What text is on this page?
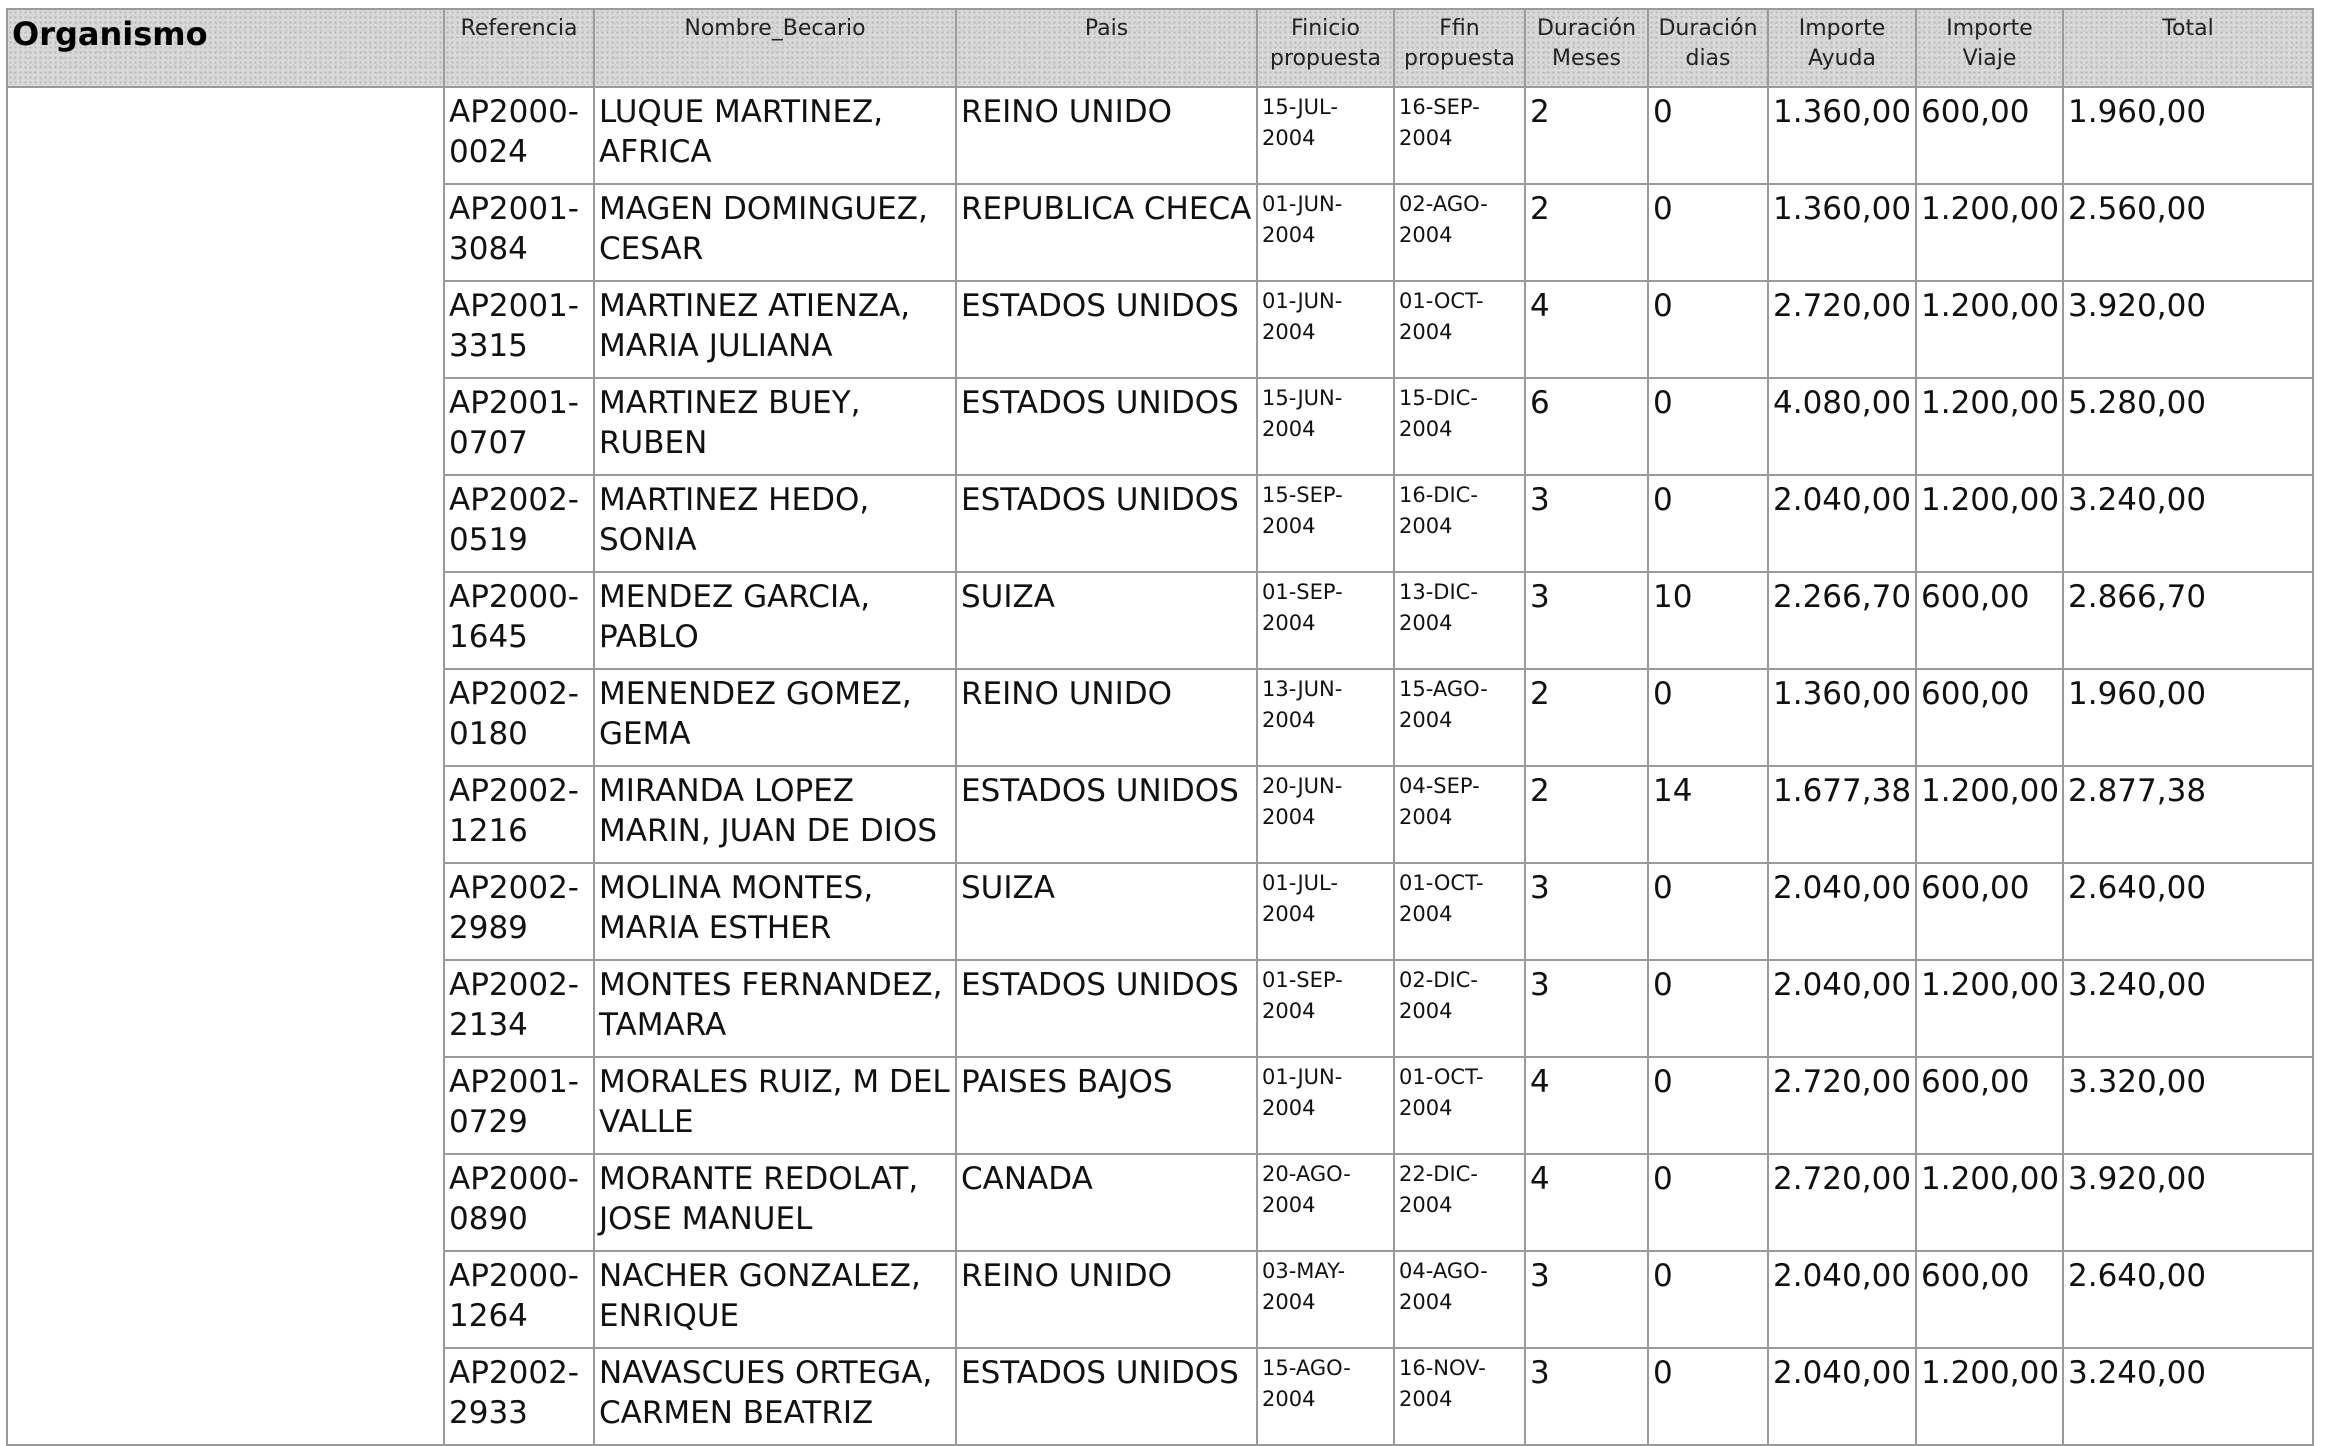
Organismo	Referencia	Nombre_Becario	Pais	Finicio propuesta	Ffin propuesta	Duración Meses	Duración dias	Importe Ayuda	Importe Viaje	Total
	AP2000-0024	LUQUE MARTINEZ, AFRICA	REINO UNIDO	15-JUL-2004	16-SEP-2004	2	0	1.360,00	600,00	1.960,00
	AP2001-3084	MAGEN DOMINGUEZ, CESAR	REPUBLICA CHECA	01-JUN-2004	02-AGO-2004	2	0	1.360,00	1.200,00	2.560,00
	AP2001-3315	MARTINEZ ATIENZA, MARIA JULIANA	ESTADOS UNIDOS	01-JUN-2004	01-OCT-2004	4	0	2.720,00	1.200,00	3.920,00
	AP2001-0707	MARTINEZ BUEY, RUBEN	ESTADOS UNIDOS	15-JUN-2004	15-DIC-2004	6	0	4.080,00	1.200,00	5.280,00
	AP2002-0519	MARTINEZ HEDO, SONIA	ESTADOS UNIDOS	15-SEP-2004	16-DIC-2004	3	0	2.040,00	1.200,00	3.240,00
	AP2000-1645	MENDEZ GARCIA, PABLO	SUIZA	01-SEP-2004	13-DIC-2004	3	10	2.266,70	600,00	2.866,70
	AP2002-0180	MENENDEZ GOMEZ, GEMA	REINO UNIDO	13-JUN-2004	15-AGO-2004	2	0	1.360,00	600,00	1.960,00
	AP2002-1216	MIRANDA LOPEZ MARIN, JUAN DE DIOS	ESTADOS UNIDOS	20-JUN-2004	04-SEP-2004	2	14	1.677,38	1.200,00	2.877,38
	AP2002-2989	MOLINA MONTES, MARIA ESTHER	SUIZA	01-JUL-2004	01-OCT-2004	3	0	2.040,00	600,00	2.640,00
	AP2002-2134	MONTES FERNANDEZ, TAMARA	ESTADOS UNIDOS	01-SEP-2004	02-DIC-2004	3	0	2.040,00	1.200,00	3.240,00
	AP2001-0729	MORALES RUIZ, M DEL VALLE	PAISES BAJOS	01-JUN-2004	01-OCT-2004	4	0	2.720,00	600,00	3.320,00
	AP2000-0890	MORANTE REDOLAT, JOSE MANUEL	CANADA	20-AGO-2004	22-DIC-2004	4	0	2.720,00	1.200,00	3.920,00
	AP2000-1264	NACHER GONZALEZ, ENRIQUE	REINO UNIDO	03-MAY-2004	04-AGO-2004	3	0	2.040,00	600,00	2.640,00
	AP2002-2933	NAVASCUES ORTEGA, CARMEN BEATRIZ	ESTADOS UNIDOS	15-AGO-2004	16-NOV-2004	3	0	2.040,00	1.200,00	3.240,00
